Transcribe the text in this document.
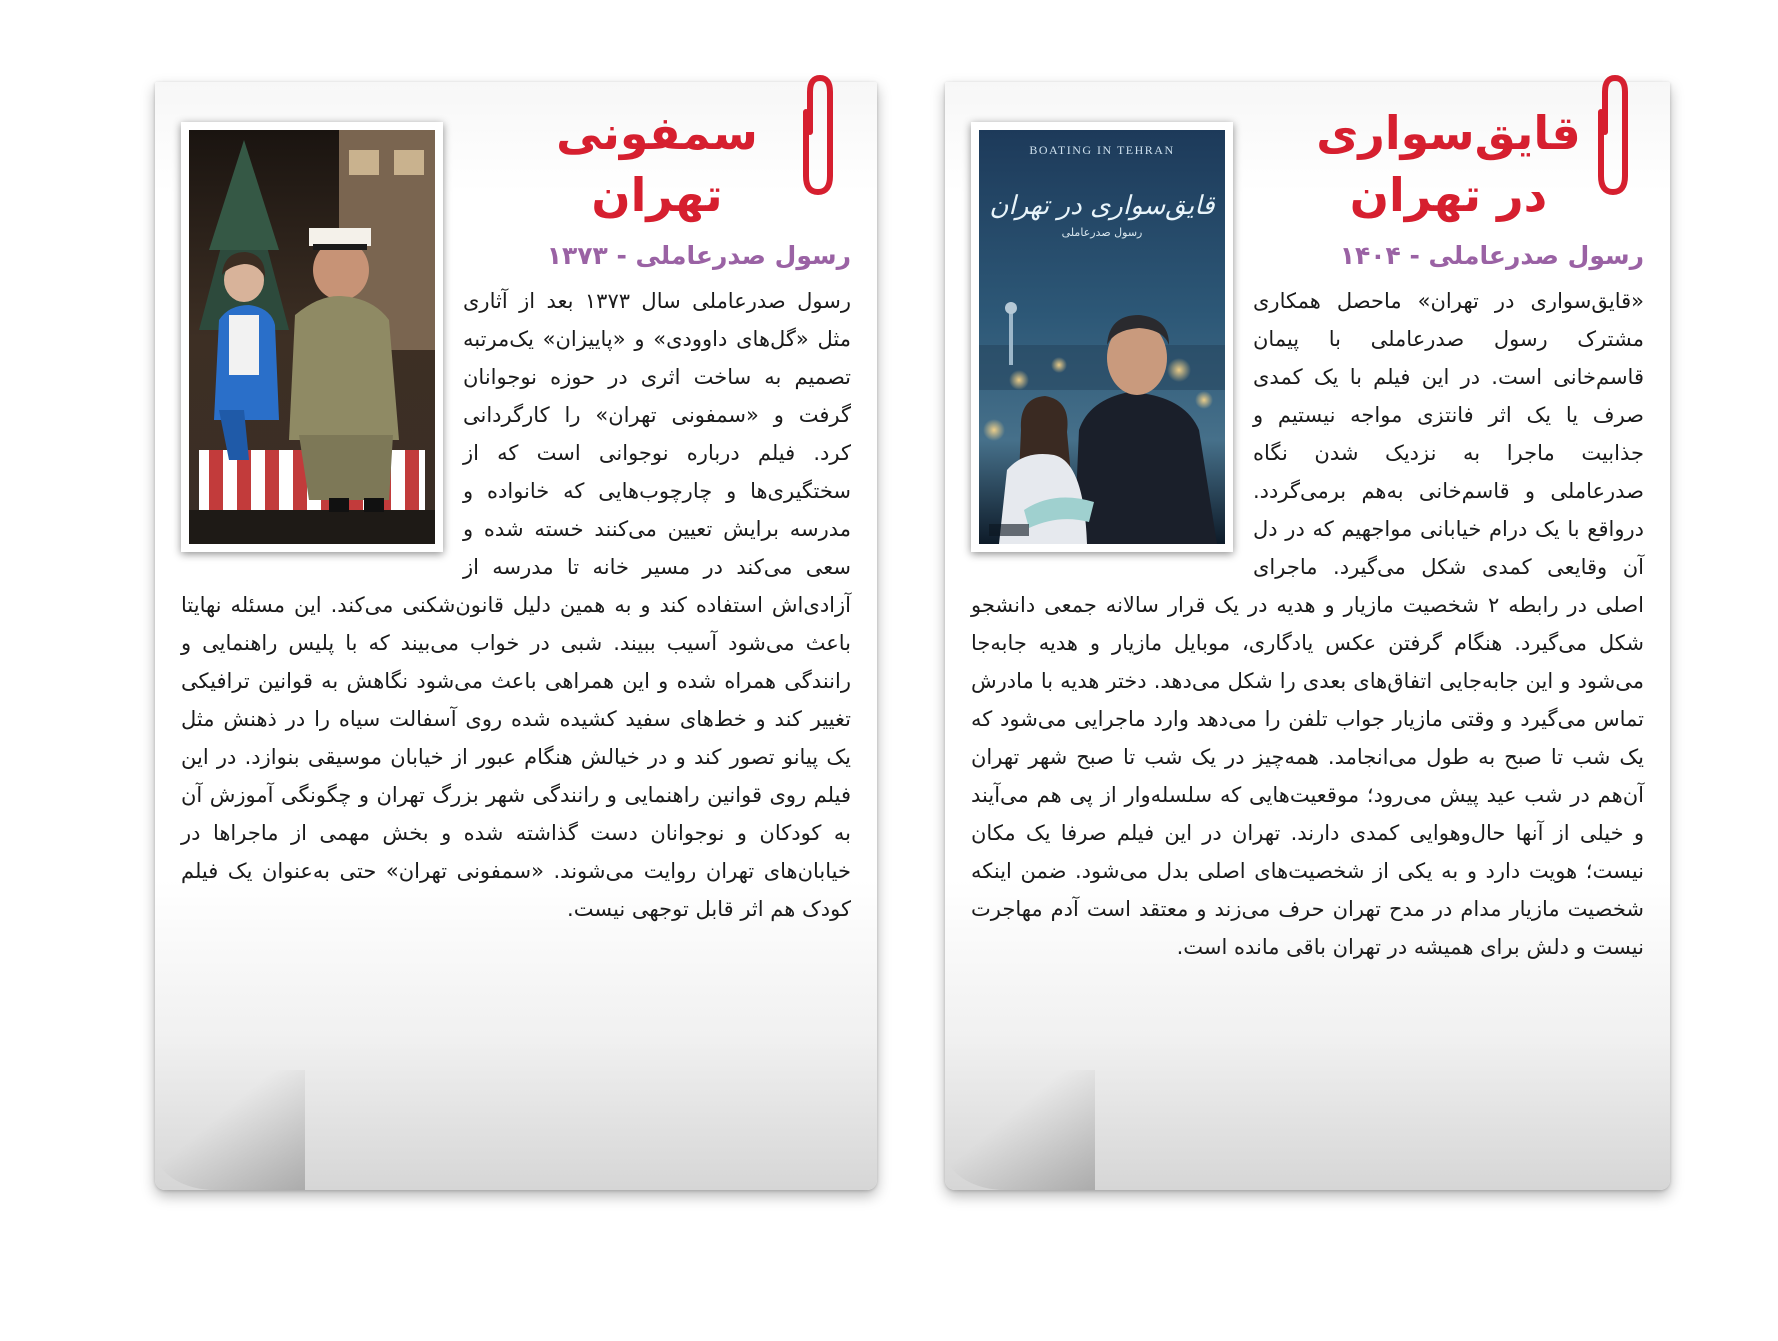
BOATING IN TEHRAN
قایق‌سواری در تهران
رسول صدرعاملی
قایق‌سواری
در تهران
رسول صدرعاملی - ۱۴۰۴

«قایق‌سواری در تهران» ماحصل همکاری مشترک رسول صدرعاملی با پیمان قاسم‌خانی است. در این فیلم با یک کمدی صرف یا یک اثر فانتزی مواجه نیستیم و جذابیت ماجرا به نزدیک شدن نگاه صدرعاملی و قاسم‌خانی به‌هم برمی‌گردد. درواقع با یک درام خیابانی مواجهیم که در دل آن وقایعی کمدی شکل می‌گیرد. ماجرای اصلی در رابطه ۲ شخصیت مازیار و هدیه در یک قرار سالانه جمعی دانشجو شکل می‌گیرد. هنگام گرفتن عکس یادگاری، موبایل مازیار و هدیه جابه‌جا می‌شود و این جابه‌جایی اتفاق‌های بعدی را شکل می‌دهد. دختر هدیه با مادرش تماس می‌گیرد و وقتی مازیار جواب تلفن را می‌دهد وارد ماجرایی می‌شود که یک شب تا صبح به طول می‌انجامد. همه‌چیز در یک شب تا صبح شهر تهران آن‌هم در شب عید پیش می‌رود؛ موقعیت‌هایی که سلسله‌وار از پی هم می‌آیند و خیلی از آنها حال‌وهوایی کمدی دارند. تهران در این فیلم صرفا یک مکان نیست؛ هویت دارد و به یکی از شخصیت‌های اصلی بدل می‌شود. ضمن اینکه شخصیت مازیار مدام در مدح تهران حرف می‌زند و معتقد است آدم مهاجرت نیست و دلش برای همیشه در تهران باقی مانده است.

سمفونی
تهران
رسول صدرعاملی - ۱۳۷۳

رسول صدرعاملی سال ۱۳۷۳ بعد از آثاری مثل «گل‌های داوودی» و «پاییزان» یک‌مرتبه تصمیم به ساخت اثری در حوزه نوجوانان گرفت و «سمفونی تهران» را کارگردانی کرد. فیلم درباره نوجوانی است که از سختگیری‌ها و چارچوب‌هایی که خانواده و مدرسه برایش تعیین می‌کنند خسته شده و سعی می‌کند در مسیر خانه تا مدرسه از آزادی‌اش استفاده کند و به همین دلیل قانون‌شکنی می‌کند. این مسئله نهایتا باعث می‌شود آسیب ببیند. شبی در خواب می‌بیند که با پلیس راهنمایی و رانندگی همراه شده و این همراهی باعث می‌شود نگاهش به قوانین ترافیکی تغییر کند و خط‌های سفید کشیده شده روی آسفالت سیاه را در ذهنش مثل یک پیانو تصور کند و در خیالش هنگام عبور از خیابان موسیقی بنوازد. در این فیلم روی قوانین راهنمایی و رانندگی شهر بزرگ تهران و چگونگی آموزش آن به کودکان و نوجوانان دست گذاشته شده و بخش مهمی از ماجراها در خیابان‌های تهران روایت می‌شوند. «سمفونی تهران» حتی به‌عنوان یک فیلم کودک هم اثر قابل توجهی نیست.
